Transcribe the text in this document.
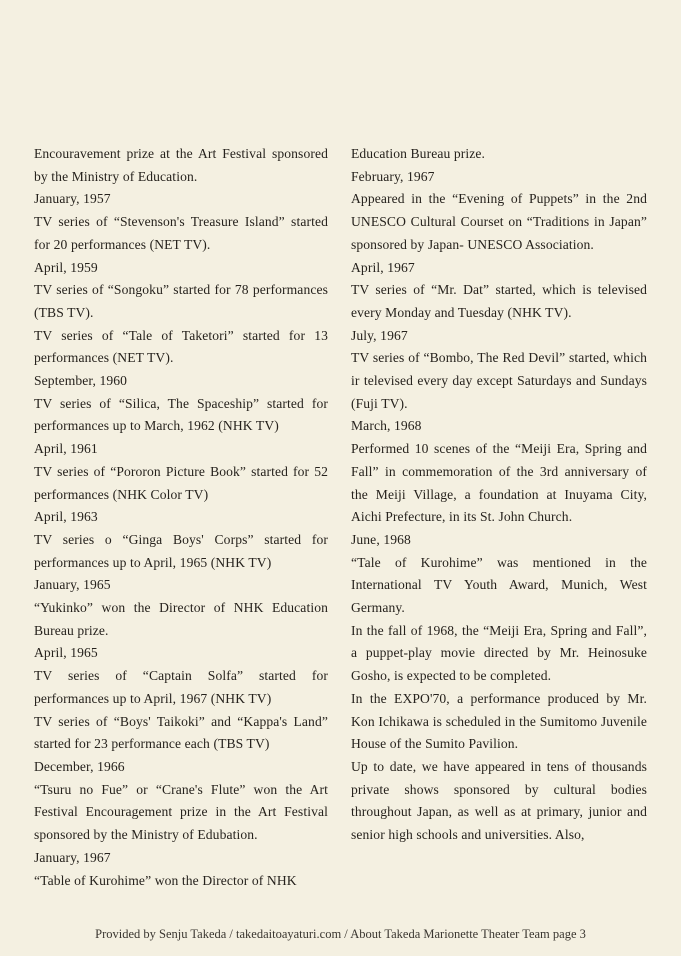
Encouravement prize at the Art Festival sponsored by the Ministry of Education.

January, 1957

TV series of “Stevenson's Treasure Island” started for 20 performances (NET TV).

April, 1959

TV series of “Songoku” started for 78 performances (TBS TV).

TV series of “Tale of Taketori” started for 13 performances (NET TV).

September, 1960

TV series of “Silica, The Spaceship” started for performances up to March, 1962 (NHK TV)

April, 1961

TV series of “Pororon Picture Book” started for 52 performances (NHK Color TV)

April, 1963

TV series o “Ginga Boys' Corps” started for performances up to April, 1965 (NHK TV)

January, 1965

“Yukinko” won the Director of NHK Education Bureau prize.

April, 1965

TV series of “Captain Solfa” started for performances up to April, 1967 (NHK TV)

TV series of “Boys' Taikoki” and “Kappa's Land” started for 23 performance each (TBS TV)

December, 1966

“Tsuru no Fue” or “Crane's Flute” won the Art Festival Encouragement prize in the Art Festival sponsored by the Ministry of Edubation.

January, 1967

“Table of Kurohime” won the Director of NHK

Education Bureau prize.

February, 1967

Appeared in the “Evening of Puppets” in the 2nd UNESCO Cultural Courset on “Traditions in Japan” sponsored by Japan- UNESCO Association.

April, 1967

TV series of “Mr. Dat” started, which is televised every Monday and Tuesday (NHK TV).

July, 1967

TV series of “Bombo, The Red Devil” started, which ir televised every day except Saturdays and Sundays (Fuji TV).

March, 1968

Performed 10 scenes of the “Meiji Era, Spring and Fall” in commemoration of the 3rd anniversary of the Meiji Village, a foundation at Inuyama City, Aichi Prefecture, in its St. John Church.

June, 1968

“Tale of Kurohime” was mentioned in the International TV Youth Award, Munich, West Germany.

In the fall of 1968, the “Meiji Era, Spring and Fall”, a puppet-play movie directed by Mr. Heinosuke Gosho, is expected to be completed.

In the EXPO'70, a performance produced by Mr. Kon Ichikawa is scheduled in the Sumitomo Juvenile House of the Sumito Pavilion.

Up to date, we have appeared in tens of thousands private shows sponsored by cultural bodies throughout Japan, as well as at primary, junior and senior high schools and universities. Also,

Provided by Senju Takeda / takedaitoayaturi.com / About Takeda Marionette Theater Team page 3
